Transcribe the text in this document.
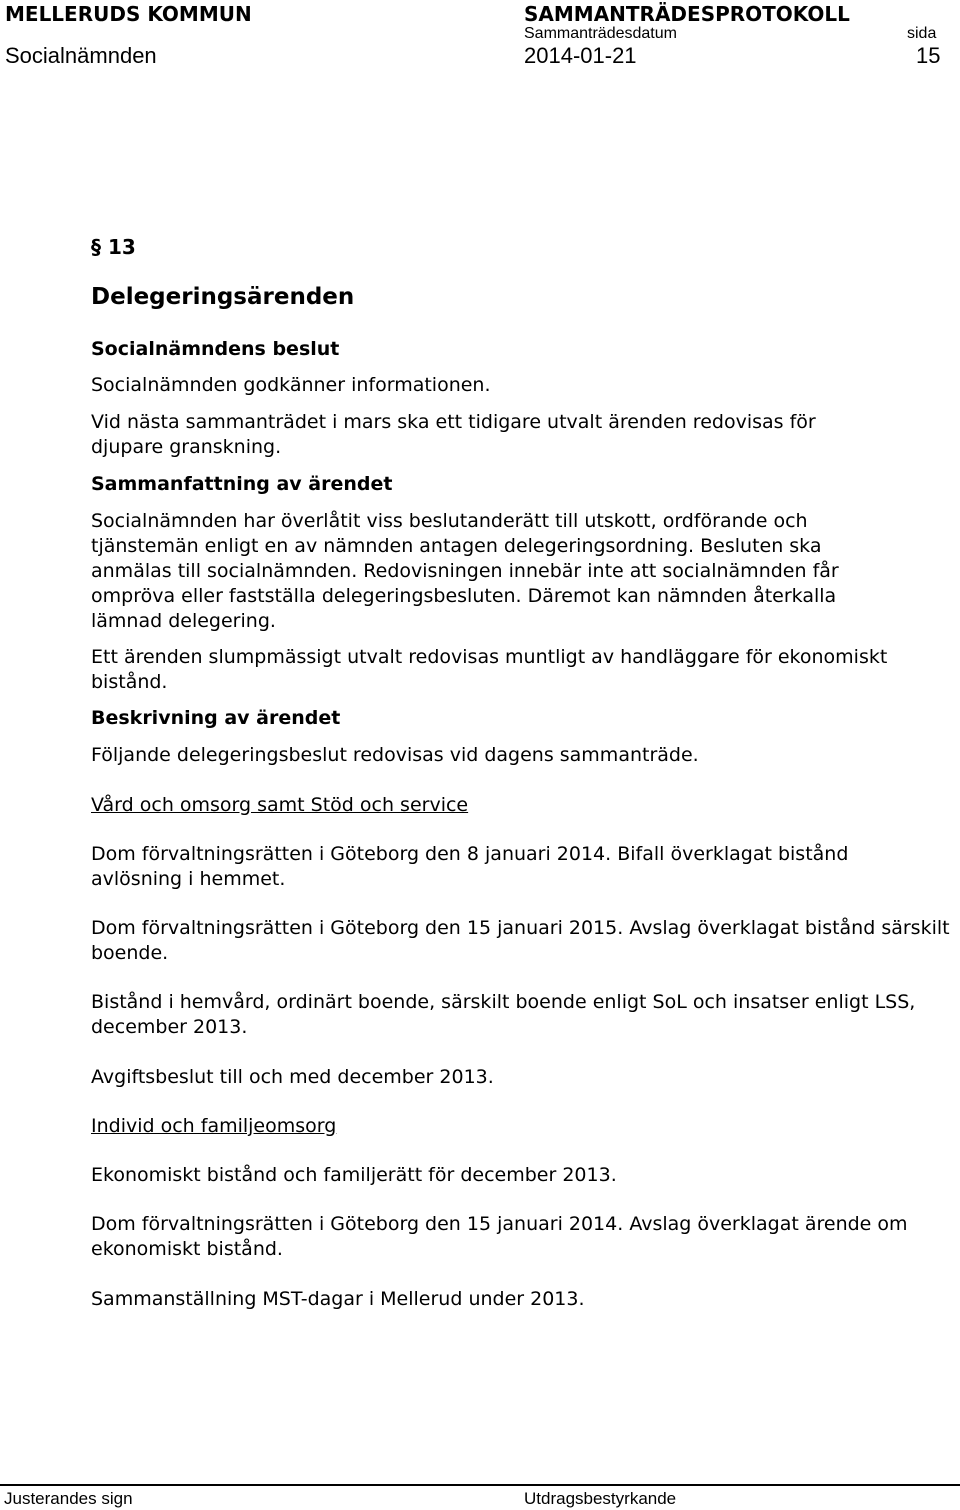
MELLERUDS KOMMUN	SAMMANTRÄDESPROTOKOLL
Sammanträdesdatum	sida
Socialnämnden	2014-01-21	15
§ 13
Delegeringsärenden
Socialnämndens beslut
Socialnämnden godkänner informationen.
Vid nästa sammanträdet i mars ska ett tidigare utvalt ärenden redovisas för djupare granskning.
Sammanfattning av ärendet
Socialnämnden har överlåtit viss beslutanderätt till utskott, ordförande och tjänstemän enligt en av nämnden antagen delegeringsordning. Besluten ska anmälas till socialnämnden. Redovisningen innebär inte att socialnämnden får ompröva eller fastställa delegeringsbesluten. Däremot kan nämnden återkalla lämnad delegering.
Ett ärenden slumpmässigt utvalt redovisas muntligt av handläggare för ekonomiskt bistånd.
Beskrivning av ärendet
Följande delegeringsbeslut redovisas vid dagens sammanträde.
Vård och omsorg samt Stöd och service
Dom förvaltningsrätten i Göteborg den 8 januari 2014. Bifall överklagat bistånd avlösning i hemmet.
Dom förvaltningsrätten i Göteborg den 15 januari 2015. Avslag överklagat bistånd särskilt boende.
Bistånd i hemvård, ordinärt boende, särskilt boende enligt SoL och insatser enligt LSS, december 2013.
Avgiftsbeslut till och med december 2013.
Individ och familjeomsorg
Ekonomiskt bistånd och familjerätt för december 2013.
Dom förvaltningsrätten i Göteborg den 15 januari 2014. Avslag överklagat ärende om ekonomiskt bistånd.
Sammanställning MST-dagar i Mellerud under 2013.
Justerandes sign	Utdragsbestyrkande
